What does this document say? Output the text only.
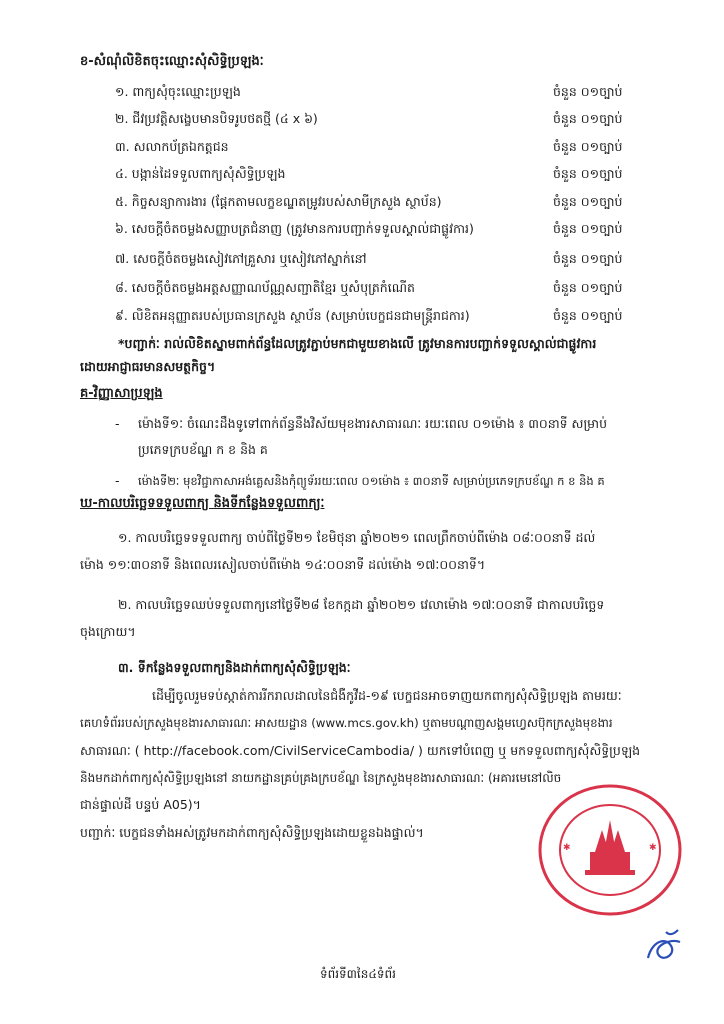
ខ-សំណុំលិខិតចុះឈ្មោះសុំសិទ្ធិប្រឡងៈ
១. ពាក្យសុំចុះឈ្មោះប្រឡង	ចំនួន ០១ច្បាប់
២. ជីវប្រវត្តិសង្ខេបមានបិទរូបថតថ្មី (៤ x ៦)	ចំនួន ០១ច្បាប់
៣. សលាកប័ត្រឯកត្តជន	ចំនួន ០១ច្បាប់
៤. បង្កាន់ដៃទទួលពាក្យសុំសិទ្ធិប្រឡង	ចំនួន ០១ច្បាប់
៥. កិច្ចសន្យាការងារ (ផ្ដែកតាមលក្ខខណ្ឌតម្រូវរបស់សាមីក្រសួង ស្ថាប័ន)	ចំនួន ០១ច្បាប់
៦. សេចក្ដីចំតចម្លងសញ្ញាបត្រជំនាញ (ត្រូវមានការបញ្ជាក់ទទួលស្គាល់ជាផ្លូវការ)	ចំនួន ០១ច្បាប់
៧. សេចក្ដីចំតចម្លងសៀវភៅគ្រួសារ ឬសៀវភៅស្នាក់នៅ	ចំនួន ០១ច្បាប់
៨. សេចក្ដីចំតចម្លងអត្តសញ្ញាណប័ណ្ណសញ្ជាតិខ្មែរ ឬសំបុត្រកំណើត	ចំនួន ០១ច្បាប់
៩. លិខិតអនុញ្ញាតរបស់ប្រធានក្រសួង ស្ថាប័ន (សម្រាប់បេក្ខជនជាមន្ត្រីរាជការ)	ចំនួន ០១ច្បាប់
*បញ្ជាក់ៈ រាល់លិខិតស្នាមពាក់ព័ន្ធដែលត្រូវភ្ជាប់មកជាមួយខាងលើ ត្រូវមានការបញ្ជាក់ទទួលស្គាល់ជាផ្លូវការ
ដោយអាជ្ញាធរមានសមត្ថកិច្ច។
គ-វិញ្ញាសាប្រឡង
- ម៉ោងទី១ៈ ចំណេះដឹងទូទៅពាក់ព័ន្ធនឹងវិស័យមុខងារសាធារណៈ រយៈពេល ០១ម៉ោង ៖ ៣០នាទី សម្រាប់
ប្រភេទក្របខ័ណ្ឌ ក ខ និង គ
- ម៉ោងទី២ៈ មុខវិជ្ជាកាសាអង់គ្លេសនិងកុំព្យូទ័ររយៈពេល ០១ម៉ោង ៖ ៣០នាទី សម្រាប់ប្រភេទក្របខ័ណ្ឌ ក ខ និង គ
ឃ-កាលបរិច្ឆេទទទួលពាក្យ និងទីកន្លែងទទួលពាក្យៈ
១. កាលបរិច្ឆេទទទួលពាក្យ ចាប់ពីថ្ងៃទី២១ ខែមិថុនា ឆ្នាំ២០២១ ពេលព្រឹកចាប់ពីម៉ោង ០៨ៈ០០នាទី ដល់
ម៉ោង ១១ៈ៣០នាទី និងពេលរសៀលចាប់ពីម៉ោង ១៤ៈ០០នាទី ដល់ម៉ោង ១៧ៈ០០នាទី។
២. កាលបរិច្ឆេទឈប់ទទួលពាក្យនៅថ្ងៃទី២៨ ខែកក្កដា ឆ្នាំ២០២១ វេលាម៉ោង ១៧ៈ០០នាទី ជាកាលបរិច្ឆេទ
ចុងក្រោយ។
៣. ទីកន្លែងទទួលពាក្យនិងដាក់ពាក្យសុំសិទ្ធិប្រឡងៈ
ដើម្បីចូលរួមទប់ស្កាត់ការរីករាលដាលនៃជំងឺកូវីដ-១៩ បេក្ខជនអាចទាញយកពាក្យសុំសិទ្ធិប្រឡង តាមរយៈ
គេហទំព័ររបស់ក្រសួងមុខងារសាធារណៈ អាសយដ្ឋាន (www.mcs.gov.kh) ឬតាមបណ្ដាញសង្គមហ្វេសប៊ុកក្រសួងមុខងារ
សាធារណៈ ( http://facebook.com/CivilServiceCambodia/ ) យកទៅបំពេញ ឬ មកទទួលពាក្យសុំសិទ្ធិប្រឡង
និងមកដាក់ពាក្យសុំសិទ្ធិប្រឡងនៅ នាយកដ្ឋានគ្រប់គ្រងក្របខ័ណ្ឌ នៃក្រសួងមុខងារសាធារណៈ (អគារមេនៅលិច
ជាន់ផ្ទាល់ដី បន្ទប់ A05)។
បញ្ជាក់ៈ បេក្ខជនទាំងអស់ត្រូវមកដាក់ពាក្យសុំសិទ្ធិប្រឡងដោយខ្លួនឯងផ្ទាល់។
✱	✱
ទំព័រទី៣នៃ៤ទំព័រ
